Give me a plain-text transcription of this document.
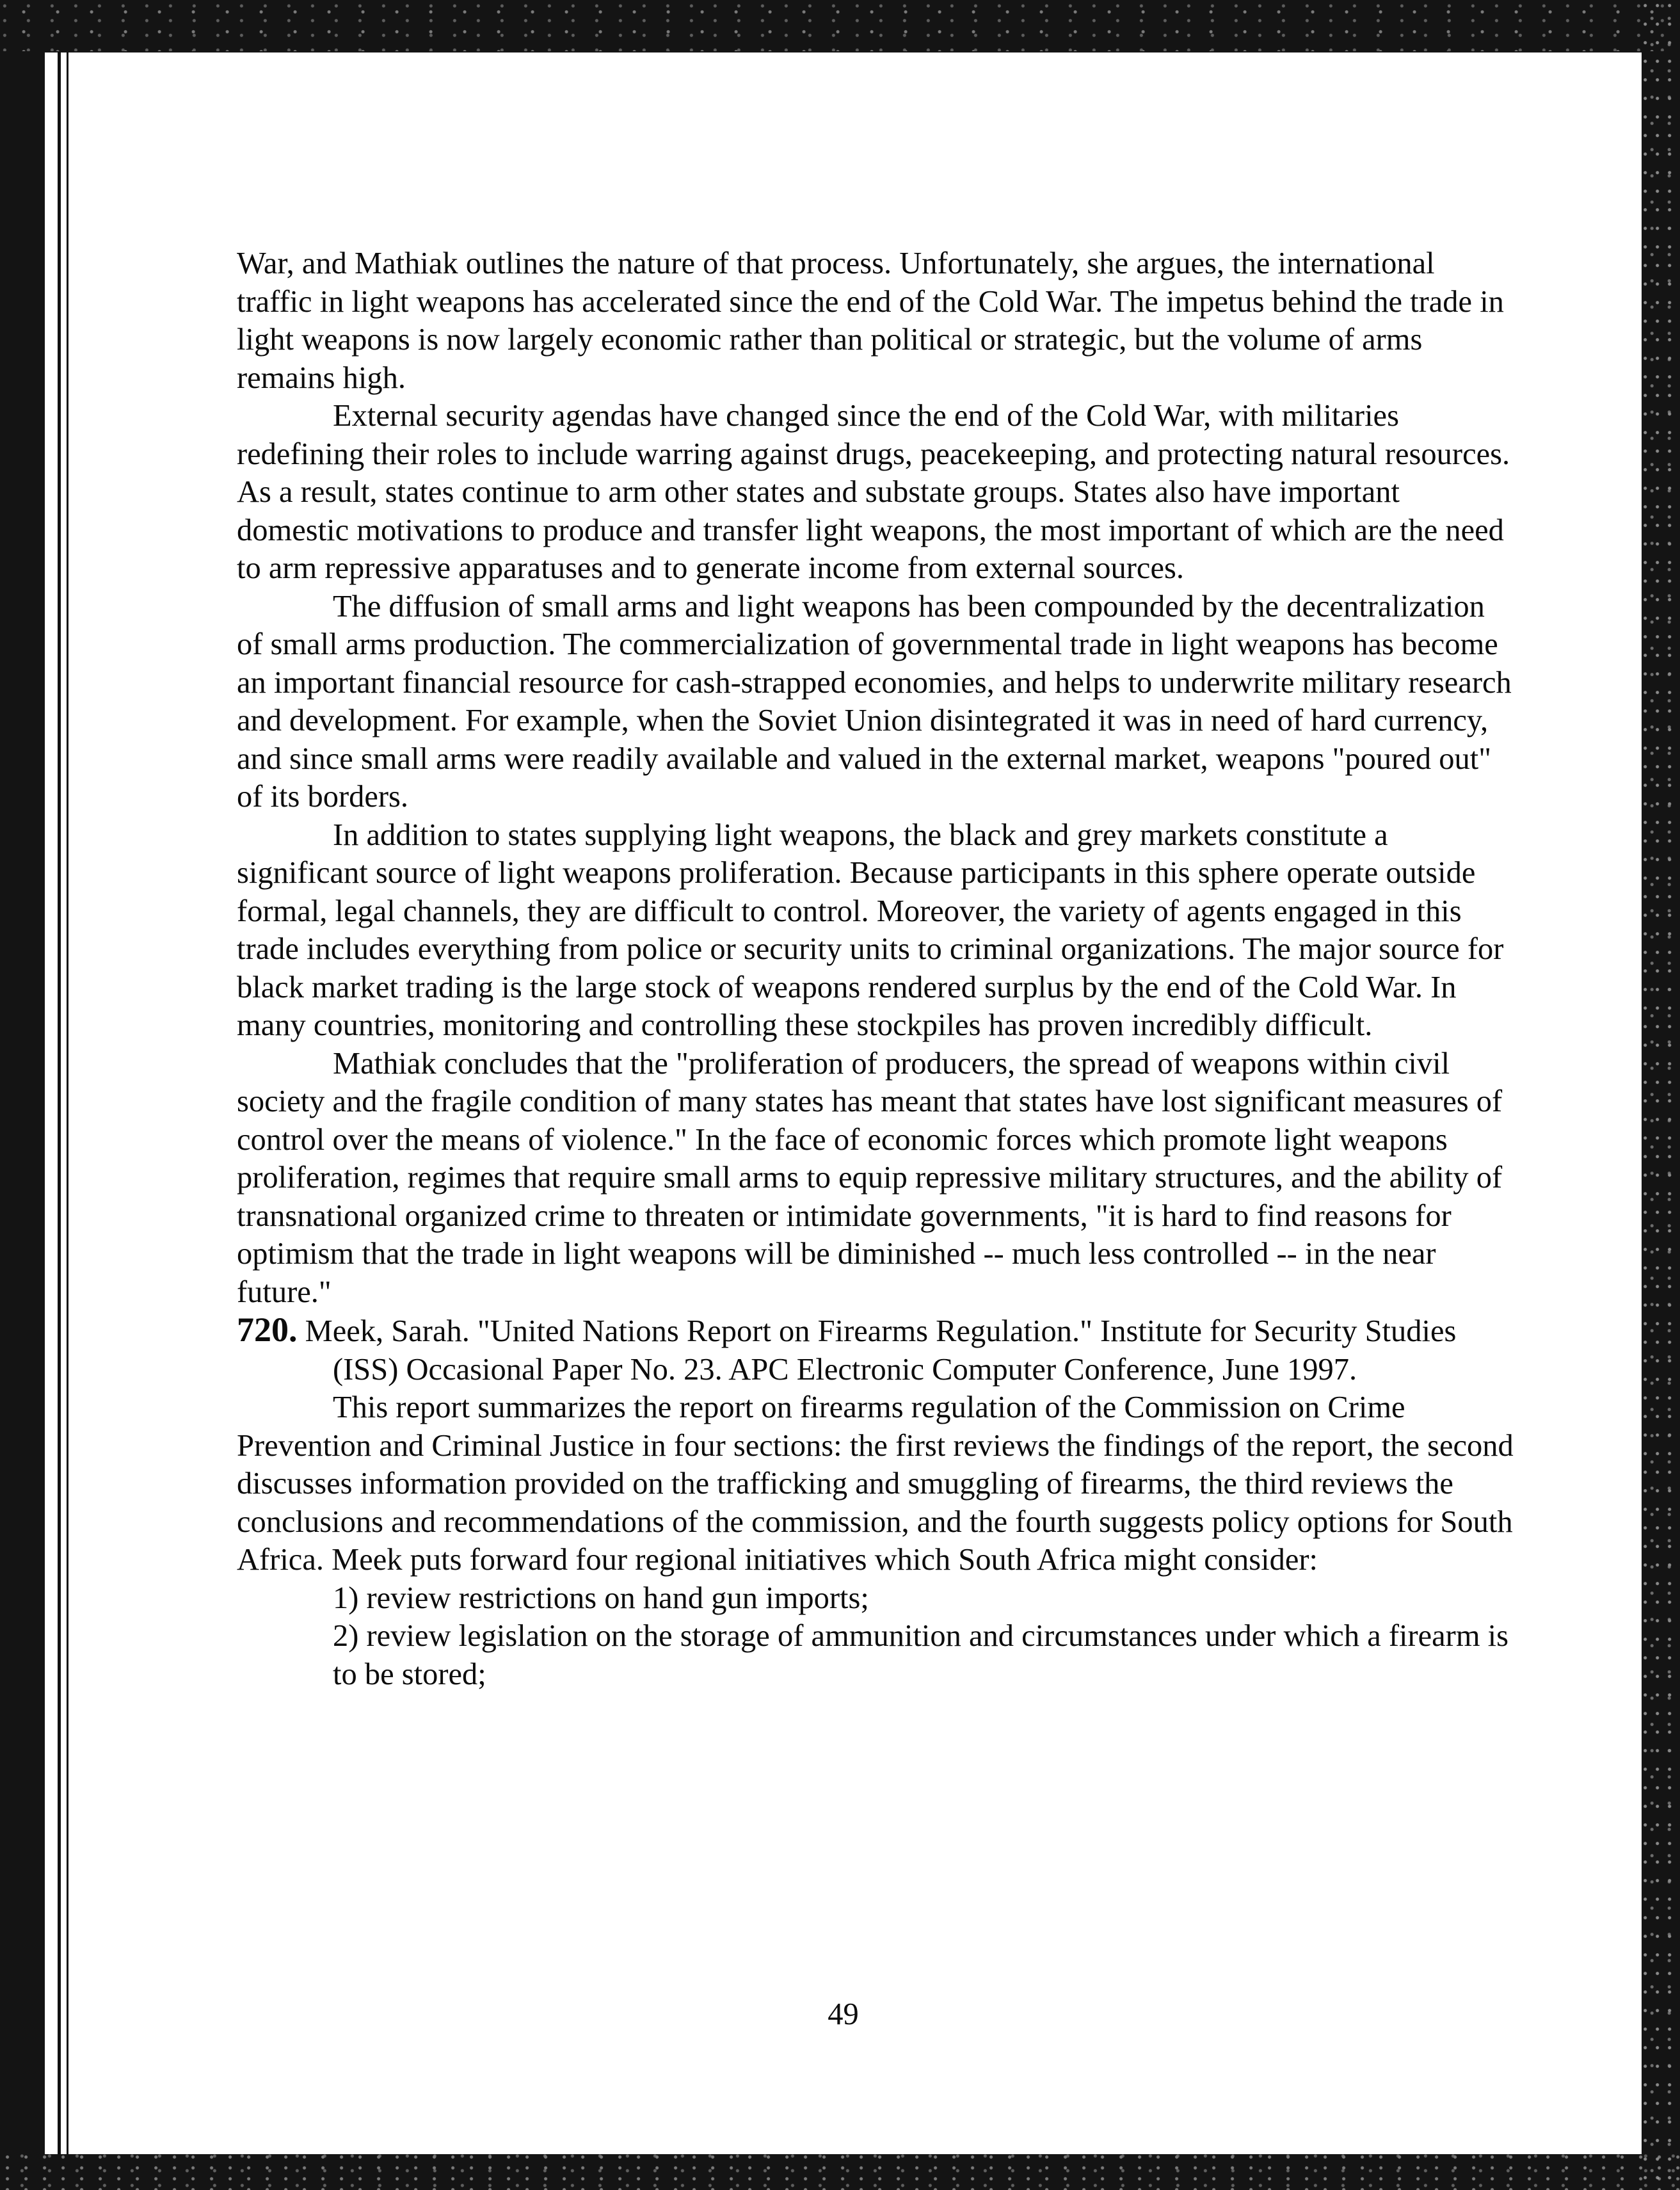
War, and Mathiak outlines the nature of that process. Unfortunately, she argues, the international traffic in light weapons has accelerated since the end of the Cold War. The impetus behind the trade in light weapons is now largely economic rather than political or strategic, but the volume of arms remains high.

External security agendas have changed since the end of the Cold War, with militaries redefining their roles to include warring against drugs, peacekeeping, and protecting natural resources. As a result, states continue to arm other states and substate groups. States also have important domestic motivations to produce and transfer light weapons, the most important of which are the need to arm repressive apparatuses and to generate income from external sources.

The diffusion of small arms and light weapons has been compounded by the decentralization of small arms production. The commercialization of governmental trade in light weapons has become an important financial resource for cash-strapped economies, and helps to underwrite military research and development. For example, when the Soviet Union disintegrated it was in need of hard currency, and since small arms were readily available and valued in the external market, weapons "poured out" of its borders.

In addition to states supplying light weapons, the black and grey markets constitute a significant source of light weapons proliferation. Because participants in this sphere operate outside formal, legal channels, they are difficult to control. Moreover, the variety of agents engaged in this trade includes everything from police or security units to criminal organizations. The major source for black market trading is the large stock of weapons rendered surplus by the end of the Cold War. In many countries, monitoring and controlling these stockpiles has proven incredibly difficult.

Mathiak concludes that the "proliferation of producers, the spread of weapons within civil society and the fragile condition of many states has meant that states have lost significant measures of control over the means of violence." In the face of economic forces which promote light weapons proliferation, regimes that require small arms to equip repressive military structures, and the ability of transnational organized crime to threaten or intimidate governments, "it is hard to find reasons for optimism that the trade in light weapons will be diminished -- much less controlled -- in the near future."

720. Meek, Sarah. "United Nations Report on Firearms Regulation." Institute for Security Studies (ISS) Occasional Paper No. 23. APC Electronic Computer Conference, June 1997.

This report summarizes the report on firearms regulation of the Commission on Crime Prevention and Criminal Justice in four sections: the first reviews the findings of the report, the second discusses information provided on the trafficking and smuggling of firearms, the third reviews the conclusions and recommendations of the commission, and the fourth suggests policy options for South Africa. Meek puts forward four regional initiatives which South Africa might consider:

1) review restrictions on hand gun imports;

2) review legislation on the storage of ammunition and circumstances under which a firearm is to be stored;

49
